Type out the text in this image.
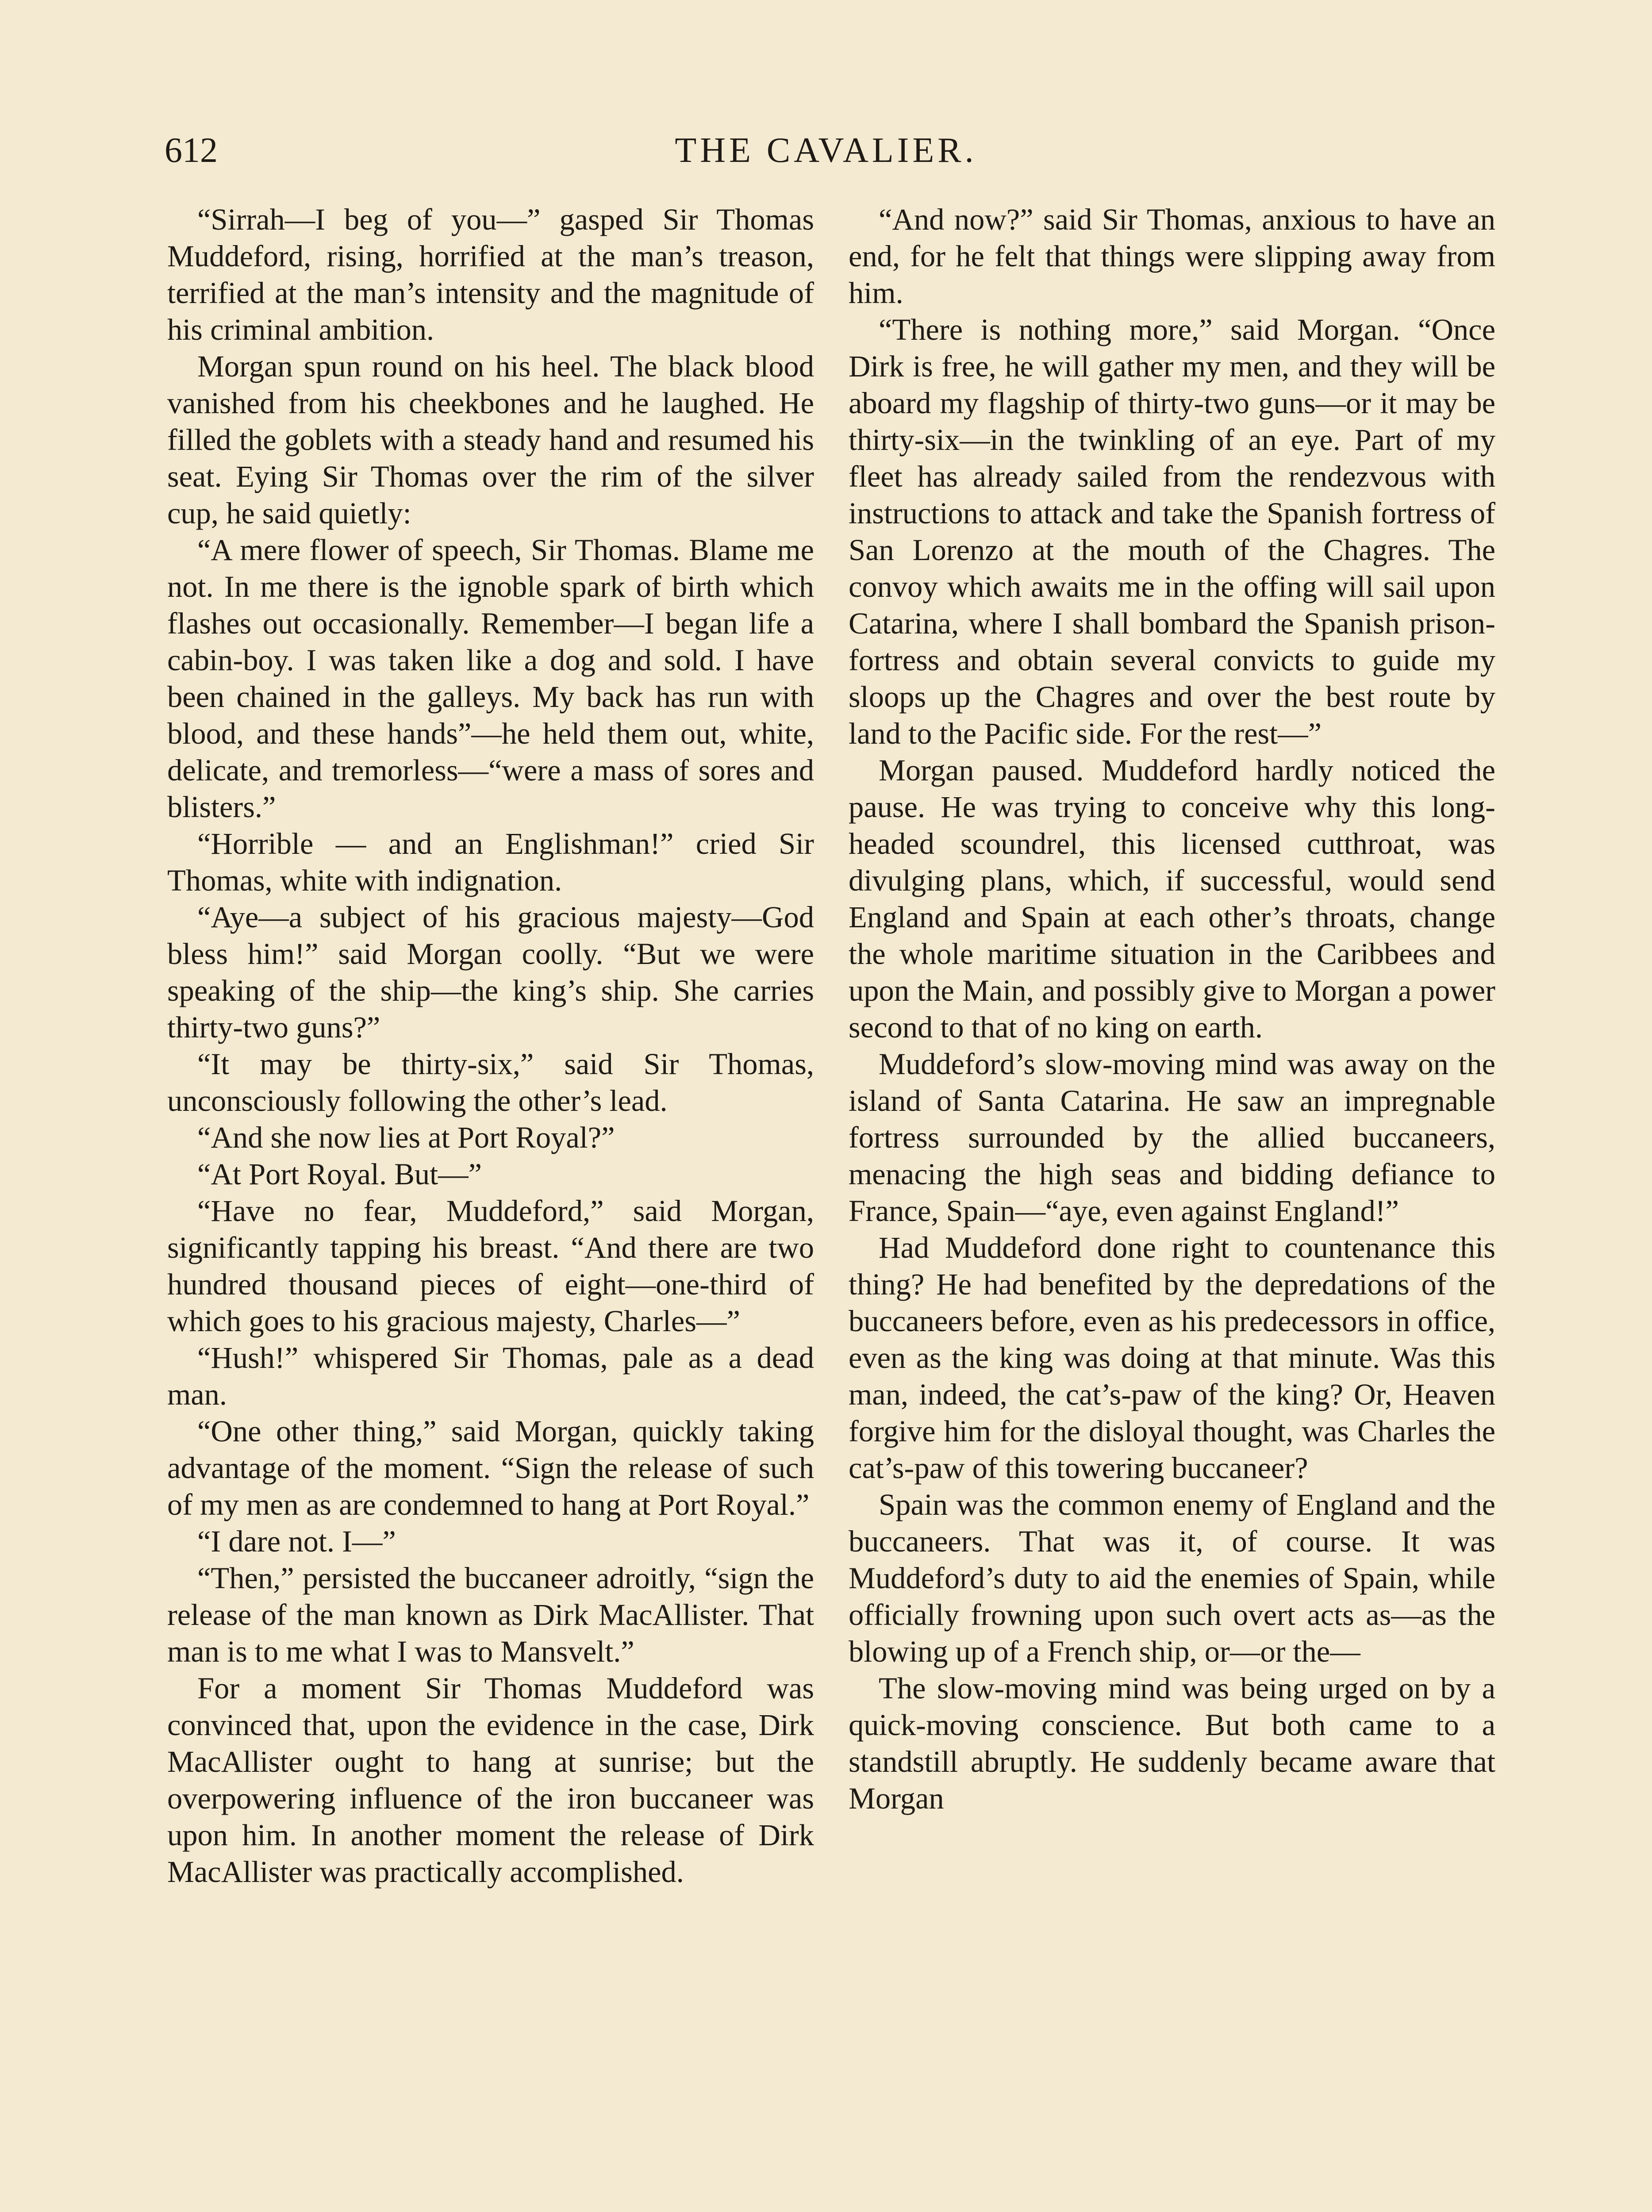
612	THE CAVALIER.

“Sirrah—I beg of you—” gasped Sir Thomas Muddeford, rising, horrified at the man’s treason, terrified at the man’s intensity and the magnitude of his criminal ambition.

Morgan spun round on his heel. The black blood vanished from his cheekbones and he laughed. He filled the goblets with a steady hand and resumed his seat. Eying Sir Thomas over the rim of the silver cup, he said quietly:

“A mere flower of speech, Sir Thomas. Blame me not. In me there is the ignoble spark of birth which flashes out occasionally. Remember—I began life a cabin-boy. I was taken like a dog and sold. I have been chained in the galleys. My back has run with blood, and these hands”—he held them out, white, delicate, and tremorless—“were a mass of sores and blisters.”

“Horrible — and an Englishman!” cried Sir Thomas, white with indignation.

“Aye—a subject of his gracious majesty—God bless him!” said Morgan coolly. “But we were speaking of the ship—the king’s ship. She carries thirty-two guns?”

“It may be thirty-six,” said Sir Thomas, unconsciously following the other’s lead.

“And she now lies at Port Royal?”

“At Port Royal. But—”

“Have no fear, Muddeford,” said Morgan, significantly tapping his breast. “And there are two hundred thousand pieces of eight—one-third of which goes to his gracious majesty, Charles—”

“Hush!” whispered Sir Thomas, pale as a dead man.

“One other thing,” said Morgan, quickly taking advantage of the moment. “Sign the release of such of my men as are condemned to hang at Port Royal.”

“I dare not. I—”

“Then,” persisted the buccaneer adroitly, “sign the release of the man known as Dirk MacAllister. That man is to me what I was to Mansvelt.”

For a moment Sir Thomas Muddeford was convinced that, upon the evidence in the case, Dirk MacAllister ought to hang at sunrise; but the overpowering influence of the iron buccaneer was upon him. In another moment the release of Dirk MacAllister was practically accomplished.

“And now?” said Sir Thomas, anxious to have an end, for he felt that things were slipping away from him.

“There is nothing more,” said Morgan. “Once Dirk is free, he will gather my men, and they will be aboard my flagship of thirty-two guns—or it may be thirty-six—in the twinkling of an eye. Part of my fleet has already sailed from the rendezvous with instructions to attack and take the Spanish fortress of San Lorenzo at the mouth of the Chagres. The convoy which awaits me in the offing will sail upon Catarina, where I shall bombard the Spanish prison-fortress and obtain several convicts to guide my sloops up the Chagres and over the best route by land to the Pacific side. For the rest—”

Morgan paused. Muddeford hardly noticed the pause. He was trying to conceive why this long-headed scoundrel, this licensed cutthroat, was divulging plans, which, if successful, would send England and Spain at each other’s throats, change the whole maritime situation in the Caribbees and upon the Main, and possibly give to Morgan a power second to that of no king on earth.

Muddeford’s slow-moving mind was away on the island of Santa Catarina. He saw an impregnable fortress surrounded by the allied buccaneers, menacing the high seas and bidding defiance to France, Spain—“aye, even against England!”

Had Muddeford done right to countenance this thing? He had benefited by the depredations of the buccaneers before, even as his predecessors in office, even as the king was doing at that minute. Was this man, indeed, the cat’s-paw of the king? Or, Heaven forgive him for the disloyal thought, was Charles the cat’s-paw of this towering buccaneer?

Spain was the common enemy of England and the buccaneers. That was it, of course. It was Muddeford’s duty to aid the enemies of Spain, while officially frowning upon such overt acts as—as the blowing up of a French ship, or—or the—

The slow-moving mind was being urged on by a quick-moving conscience. But both came to a standstill abruptly. He suddenly became aware that Morgan
